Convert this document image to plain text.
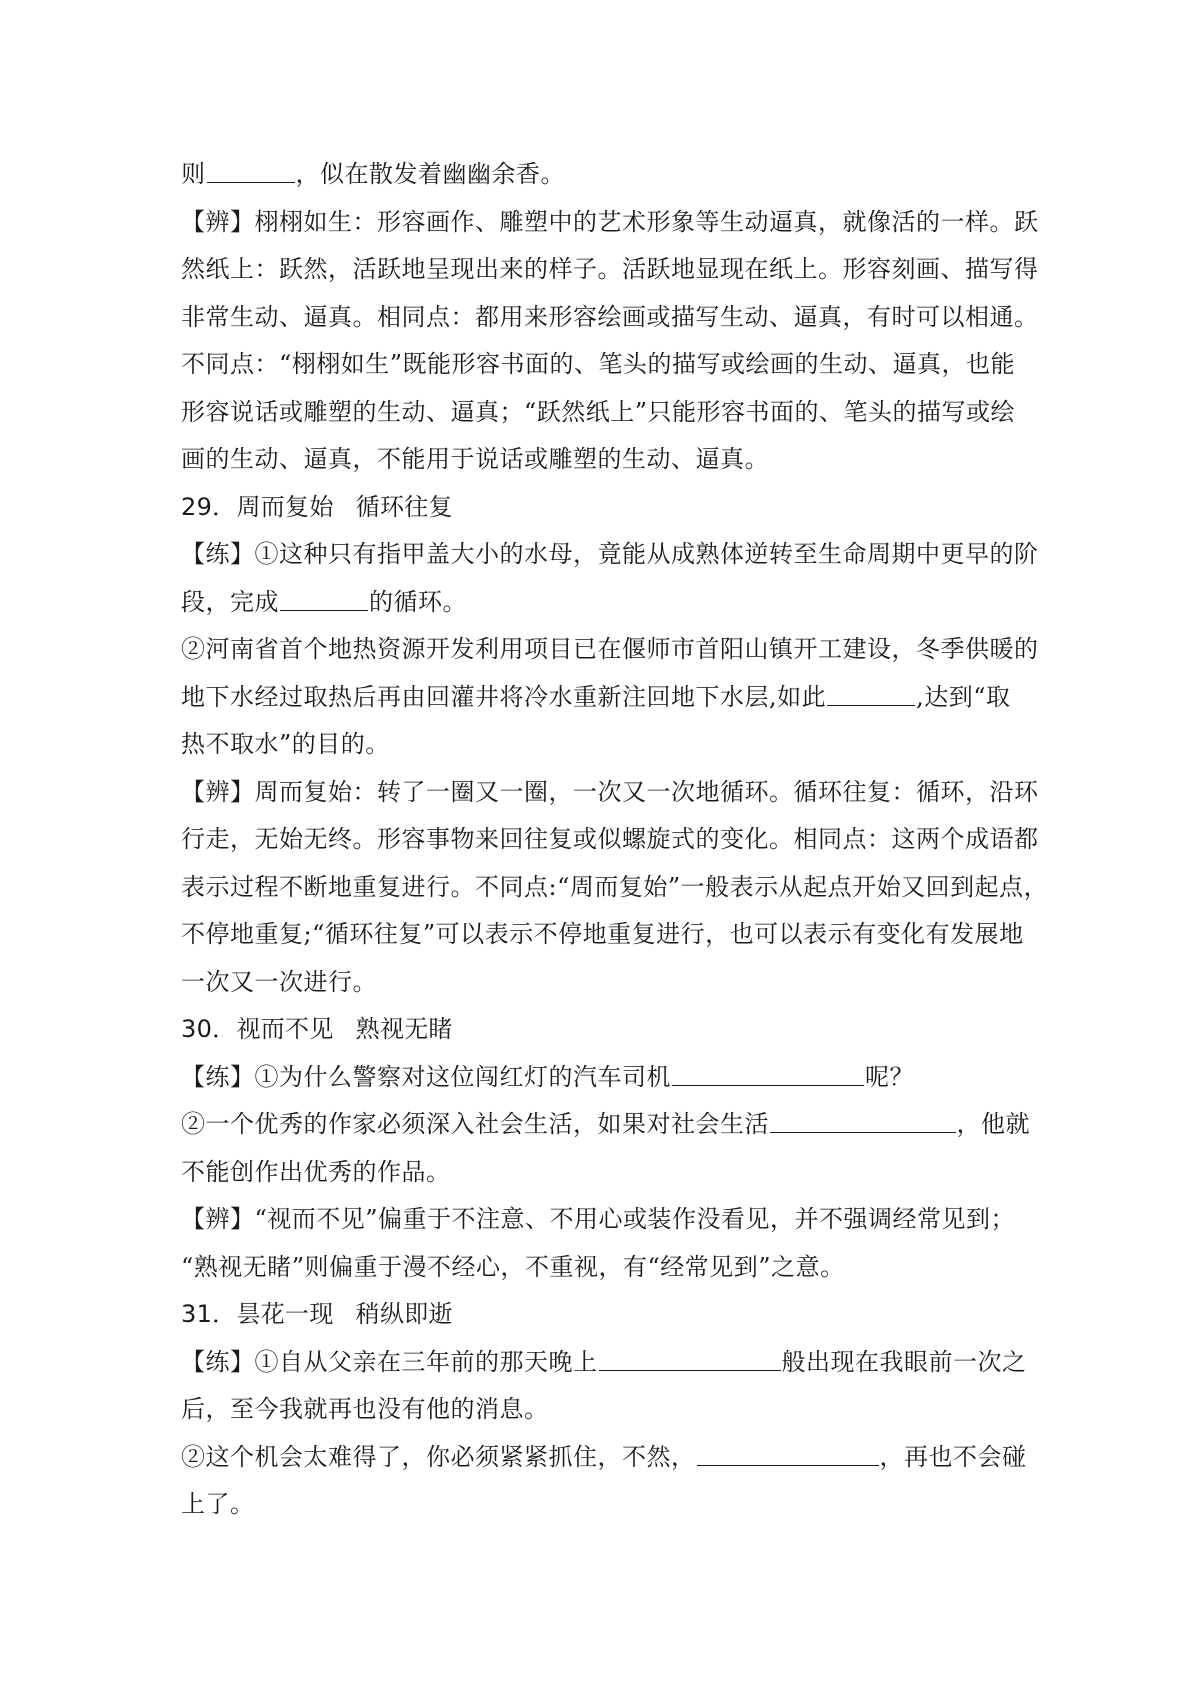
则	，似在散发着幽幽余香。
【辨】栩栩如生：形容画作、雕塑中的艺术形象等生动逼真，就像活的一样。跃
然纸上：跃然，活跃地呈现出来的样子。活跃地显现在纸上。形容刻画、描写得
非常生动、逼真。相同点：都用来形容绘画或描写生动、逼真，有时可以相通。
不同点：“栩栩如生”既能形容书面的、笔头的描写或绘画的生动、逼真，也能
形容说话或雕塑的生动、逼真；“跃然纸上”只能形容书面的、笔头的描写或绘
画的生动、逼真，不能用于说话或雕塑的生动、逼真。
29． 周而复始 循环往复
【练】①这种只有指甲盖大小的水母，竟能从成熟体逆转至生命周期中更早的阶
段，完成	的循环。
②河南省首个地热资源开发利用项目已在偃师市首阳山镇开工建设，冬季供暖的
地下水经过取热后再由回灌井将冷水重新注回地下水层,如此	,达到“取
热不取水”的目的。
【辨】周而复始：转了一圈又一圈，一次又一次地循环。循环往复：循环，沿环
行走，无始无终。形容事物来回往复或似螺旋式的变化。相同点：这两个成语都
表示过程不断地重复进行。不同点:“周而复始”一般表示从起点开始又回到起点，
不停地重复;“循环往复”可以表示不停地重复进行，也可以表示有变化有发展地
一次又一次进行。
30． 视而不见 熟视无睹
【练】①为什么警察对这位闯红灯的汽车司机	呢？
②一个优秀的作家必须深入社会生活，如果对社会生活	，他就
不能创作出优秀的作品。
【辨】“视而不见”偏重于不注意、不用心或装作没看见，并不强调经常见到；
“熟视无睹”则偏重于漫不经心，不重视，有“经常见到”之意。
31． 昙花一现 稍纵即逝
【练】①自从父亲在三年前的那天晚上	般出现在我眼前一次之
后，至今我就再也没有他的消息。
②这个机会太难得了，你必须紧紧抓住，不然，	，再也不会碰
上了。
